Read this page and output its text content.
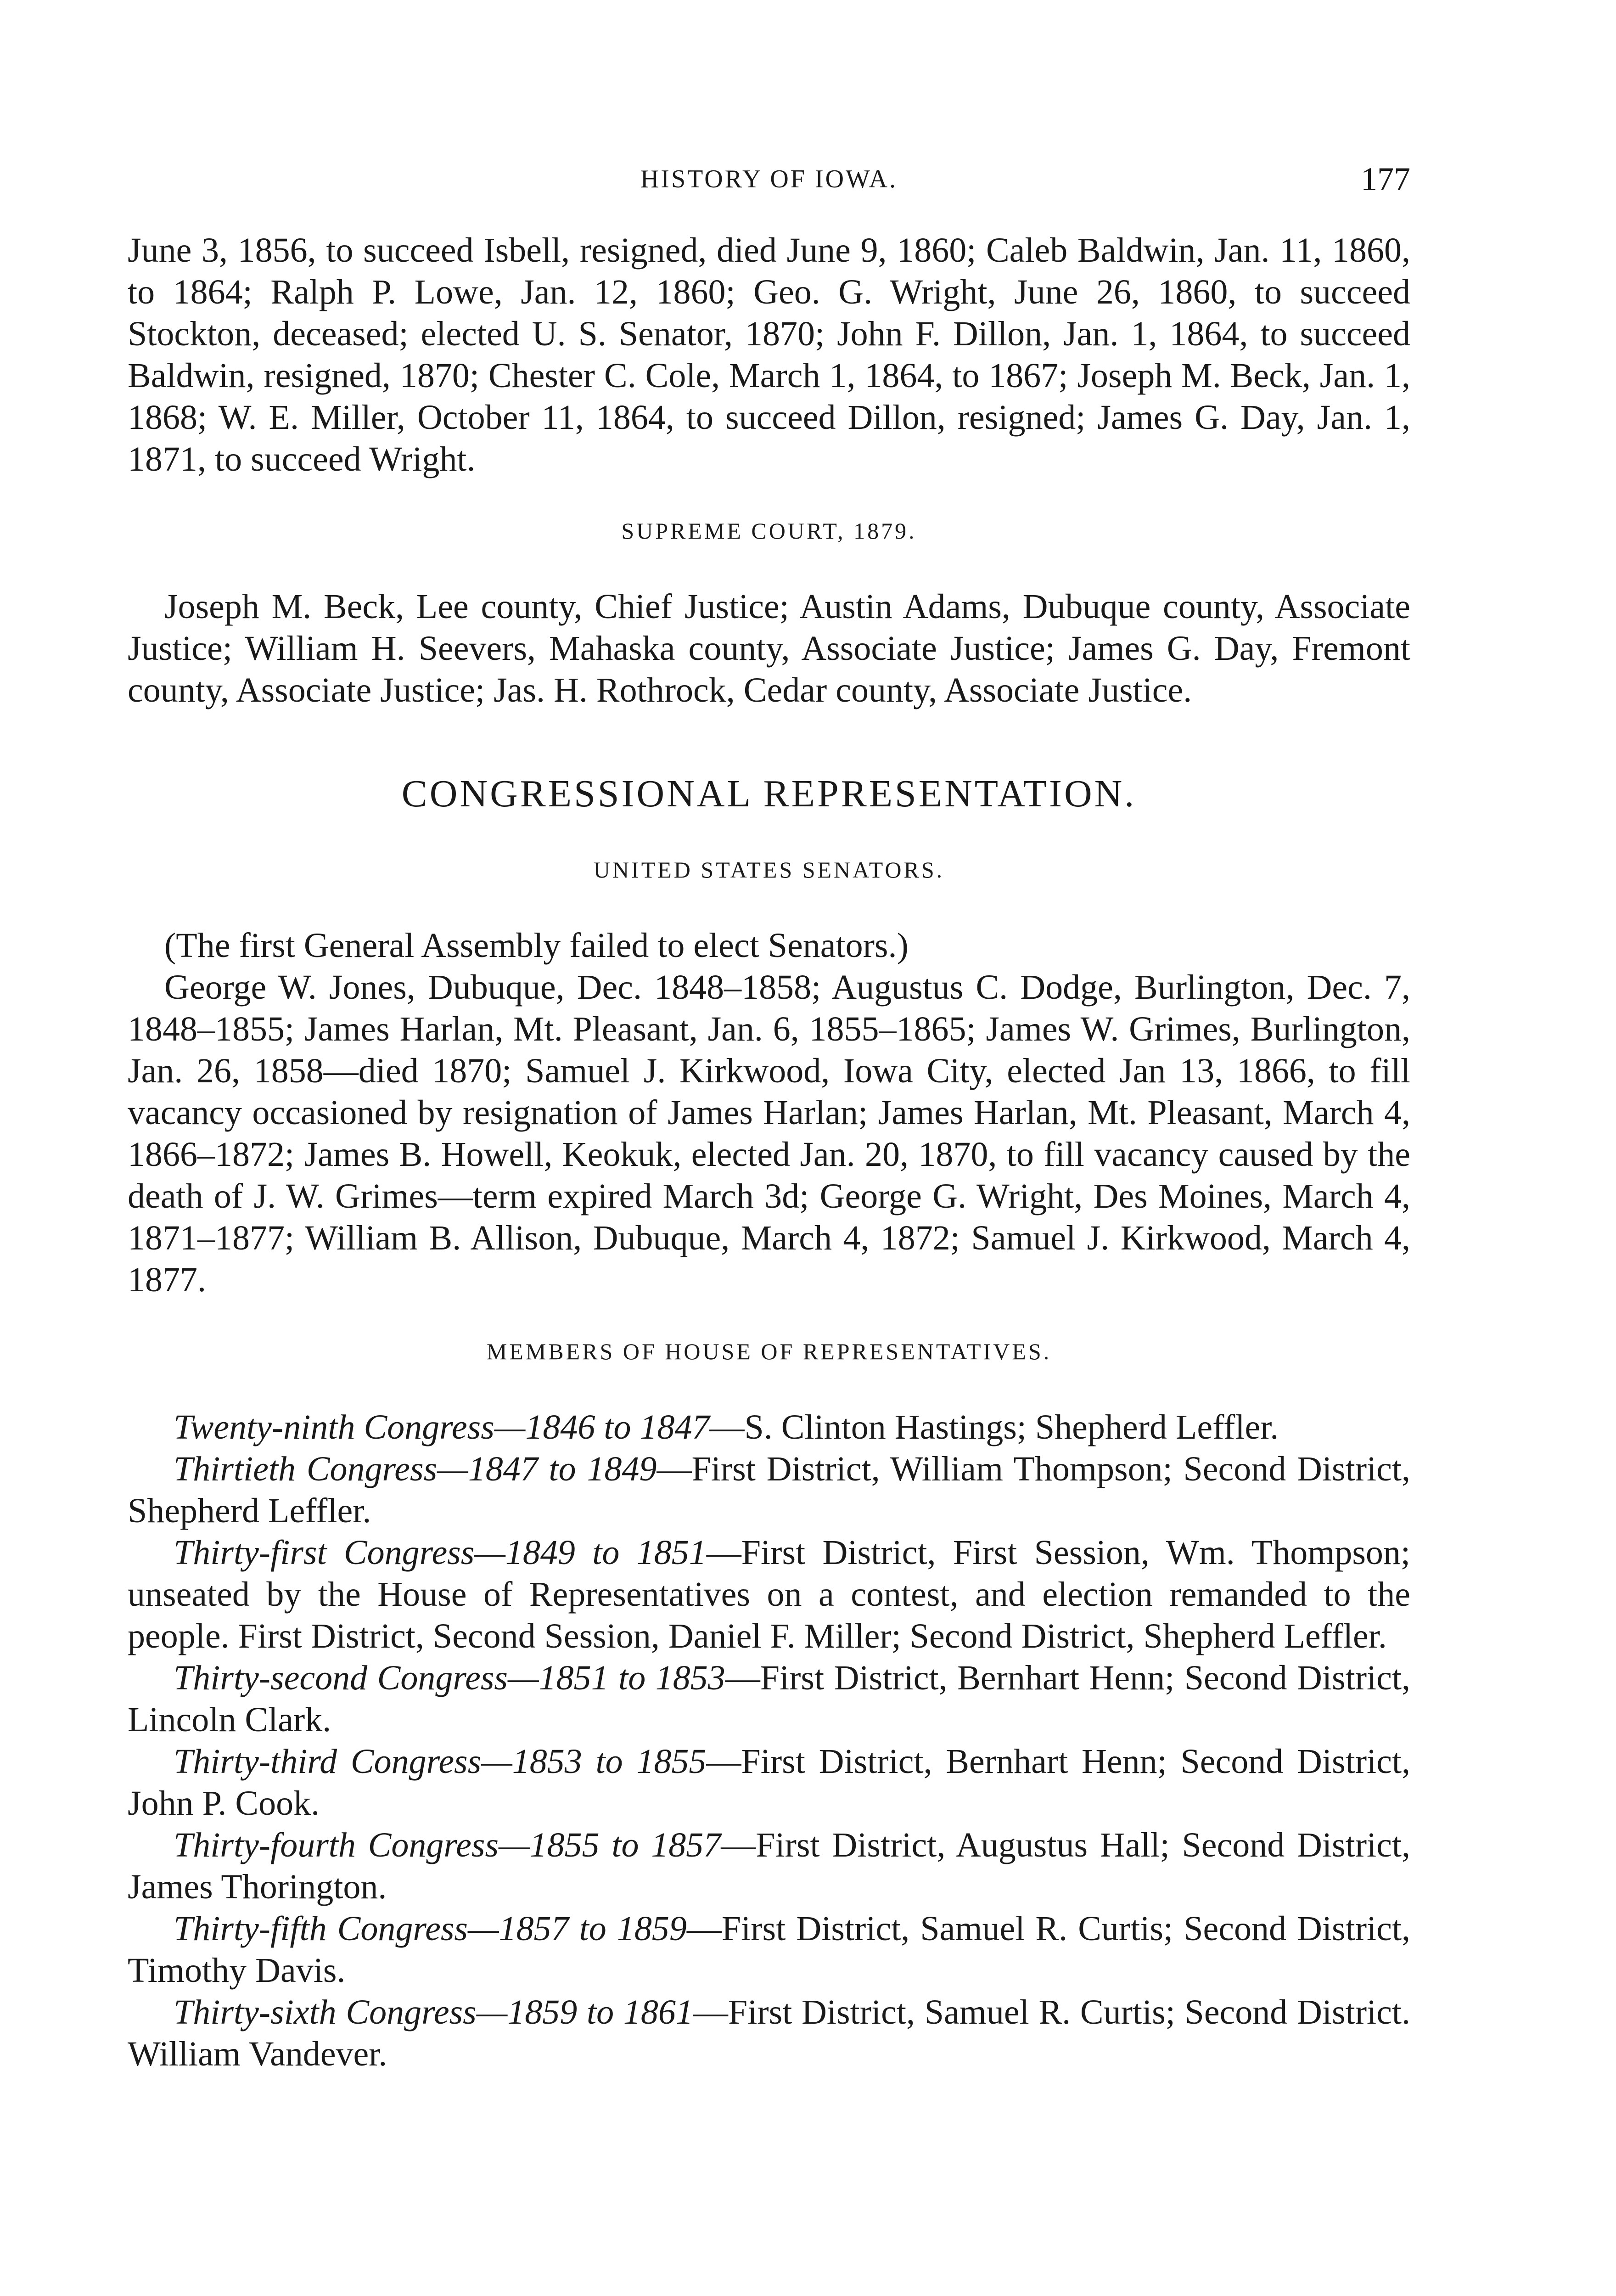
HISTORY OF IOWA.	177

June 3, 1856, to succeed Isbell, resigned, died June 9, 1860; Caleb Baldwin, Jan. 11, 1860, to 1864; Ralph P. Lowe, Jan. 12, 1860; Geo. G. Wright, June 26, 1860, to succeed Stockton, deceased; elected U. S. Senator, 1870; John F. Dillon, Jan. 1, 1864, to succeed Baldwin, resigned, 1870; Chester C. Cole, March 1, 1864, to 1867; Joseph M. Beck, Jan. 1, 1868; W. E. Miller, October 11, 1864, to succeed Dillon, resigned; James G. Day, Jan. 1, 1871, to succeed Wright.

SUPREME COURT, 1879.

Joseph M. Beck, Lee county, Chief Justice; Austin Adams, Dubuque county, Associate Justice; William H. Seevers, Mahaska county, Associate Justice; James G. Day, Fremont county, Associate Justice; Jas. H. Rothrock, Cedar county, Associate Justice.

CONGRESSIONAL REPRESENTATION.
UNITED STATES SENATORS.

(The first General Assembly failed to elect Senators.)

George W. Jones, Dubuque, Dec. 1848–1858; Augustus C. Dodge, Burlington, Dec. 7, 1848–1855; James Harlan, Mt. Pleasant, Jan. 6, 1855–1865; James W. Grimes, Burlington, Jan. 26, 1858—died 1870; Samuel J. Kirkwood, Iowa City, elected Jan 13, 1866, to fill vacancy occasioned by resignation of James Harlan; James Harlan, Mt. Pleasant, March 4, 1866–1872; James B. Howell, Keokuk, elected Jan. 20, 1870, to fill vacancy caused by the death of J. W. Grimes—term expired March 3d; George G. Wright, Des Moines, March 4, 1871–1877; William B. Allison, Dubuque, March 4, 1872; Samuel J. Kirkwood, March 4, 1877.

MEMBERS OF HOUSE OF REPRESENTATIVES.

Twenty-ninth Congress—1846 to 1847—S. Clinton Hastings; Shepherd Leffler.

Thirtieth Congress—1847 to 1849—First District, William Thompson; Second District, Shepherd Leffler.

Thirty-first Congress—1849 to 1851—First District, First Session, Wm. Thompson; unseated by the House of Representatives on a contest, and election remanded to the people. First District, Second Session, Daniel F. Miller; Second District, Shepherd Leffler.

Thirty-second Congress—1851 to 1853—First District, Bernhart Henn; Second District, Lincoln Clark.

Thirty-third Congress—1853 to 1855—First District, Bernhart Henn; Second District, John P. Cook.

Thirty-fourth Congress—1855 to 1857—First District, Augustus Hall; Second District, James Thorington.

Thirty-fifth Congress—1857 to 1859—First District, Samuel R. Curtis; Second District, Timothy Davis.

Thirty-sixth Congress—1859 to 1861—First District, Samuel R. Curtis; Second District. William Vandever.
